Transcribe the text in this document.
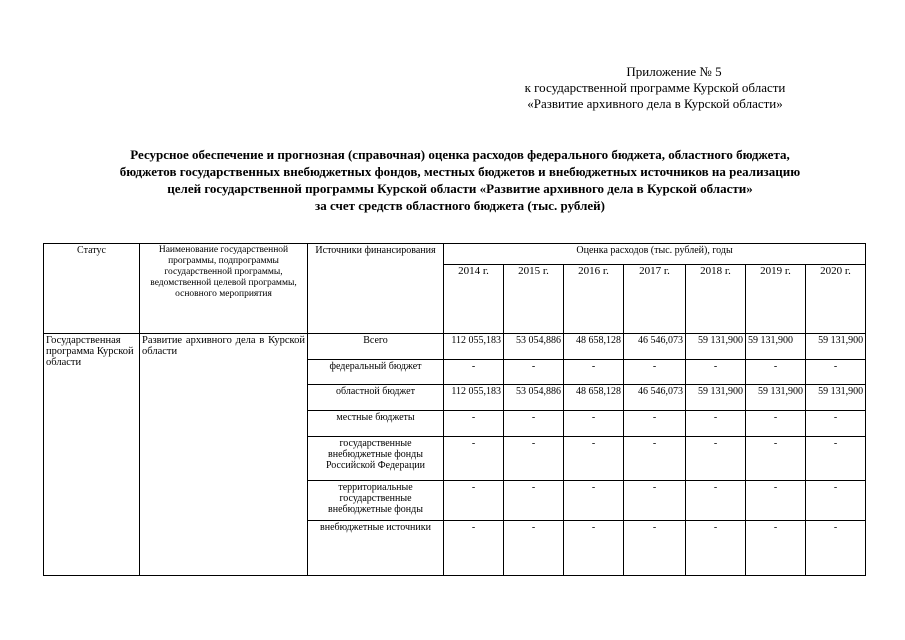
Приложение № 5
к государственной программе Курской области
«Развитие архивного дела в Курской области»
Ресурсное обеспечение и прогнозная (справочная) оценка расходов федерального бюджета, областного бюджета,
бюджетов государственных внебюджетных фондов, местных бюджетов и внебюджетных источников на реализацию
целей государственной программы Курской области «Развитие архивного дела в Курской области»
за счет средств областного бюджета (тыс. рублей)
Статус	Наименование государственной программы, подпрограммы государственной программы, ведомственной целевой программы, основного мероприятия	Источники финансирования	Оценка расходов (тыс. рублей), годы						
			2014 г.	2015 г.	2016 г.	2017 г.	2018 г.	2019 г.	2020 г.
Государственная программа Курской области	Развитие архивного дела в Курской области	Всего	112 055,183	53 054,886	48 658,128	46 546,073	59 131,900	59 131,900	59 131,900
		федеральный бюджет	-	-	-	-	-	-	-
		областной бюджет	112 055,183	53 054,886	48 658,128	46 546,073	59 131,900	59 131,900	59 131,900
		местные бюджеты	-	-	-	-	-	-	-
		государственные внебюджетные фонды Российской Федерации	-	-	-	-	-	-	-
		территориальные государственные внебюджетные фонды	-	-	-	-	-	-	-
		внебюджетные источники	-	-	-	-	-	-	-
